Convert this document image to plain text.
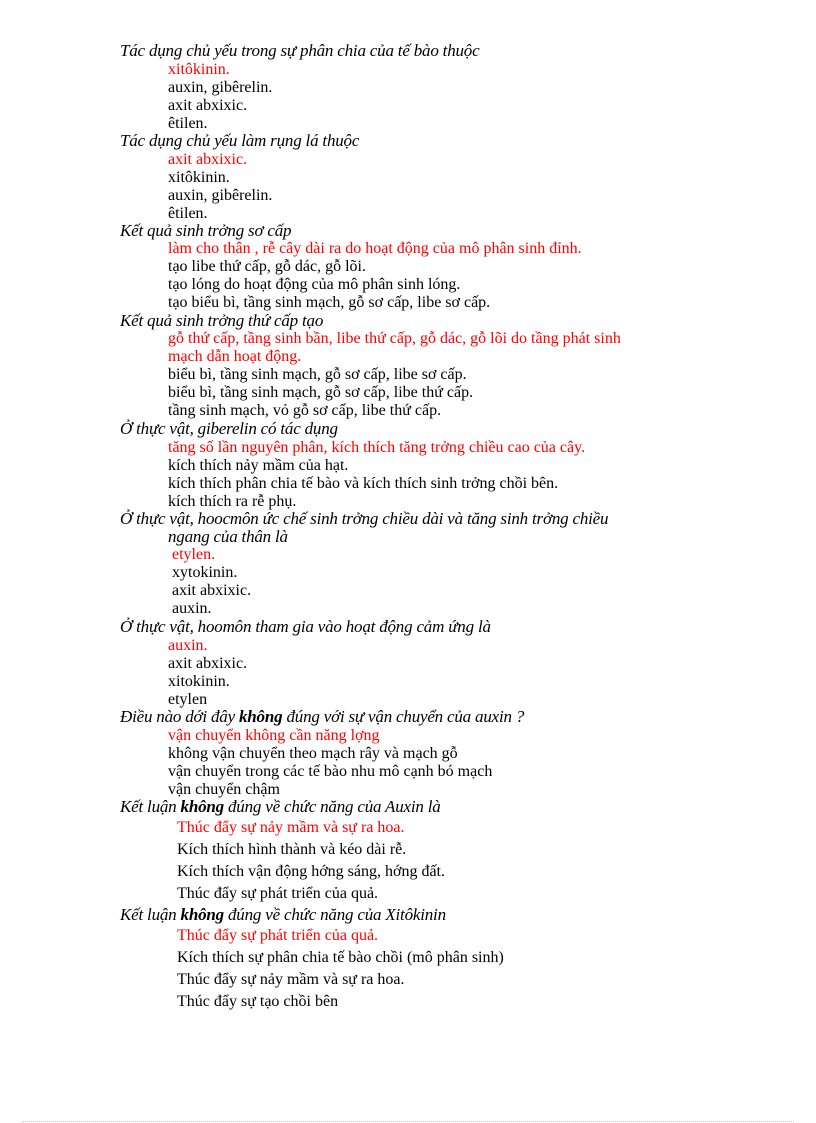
Tác dụng chủ yếu trong sự phân chia của tế bào thuộc
xitôkinin.
auxin, gibêrelin.
axit abxixic.
êtilen.
Tác dụng chủ yếu làm rụng lá thuộc
axit abxixic.
xitôkinin.
auxin, gibêrelin.
êtilen.
Kết quả sinh trởng sơ cấp
làm cho thân , rễ cây dài ra do hoạt động của mô phân sinh đỉnh.
tạo libe thứ cấp, gỗ dác, gỗ lõi.
tạo lóng do hoạt động của mô phân sinh lóng.
tạo biểu bì, tầng sinh mạch, gỗ sơ cấp, libe sơ cấp.
Kết quả sinh trởng thứ cấp tạo
gỗ thứ cấp, tầng sinh bần, libe thứ cấp, gỗ dác, gỗ lõi do tầng phát sinh
mạch dẫn hoạt động.
biểu bì, tầng sinh mạch, gỗ sơ cấp, libe sơ cấp.
biểu bì, tầng sinh mạch, gỗ sơ cấp, libe thứ cấp.
tầng sinh mạch, vỏ gỗ sơ cấp, libe thứ cấp.
Ở thực vật, giberelin có tác dụng
tăng số lần nguyên phân, kích thích tăng trởng chiều cao của cây.
kích thích nảy mầm của hạt.
kích thích phân chia tế bào và kích thích sinh trởng chồi bên.
kích thích ra rễ phụ.
Ở thực vật, hoocmôn ức chế sinh trởng chiều dài và tăng sinh trởng chiều
ngang của thân là
etylen.
xytokinin.
axit abxixic.
auxin.
Ở thực vật, hoomôn tham gia vào hoạt động cảm ứng là
auxin.
axit abxixic.
xitokinin.
etylen
Điều nào dới đây không đúng với sự vận chuyển của auxin ?
vận chuyển không cần năng lợng
không vận chuyển theo mạch rây và mạch gỗ
vận chuyển trong các tế bào nhu mô cạnh bó mạch
vận chuyển chậm
Kết luận không đúng về chức năng của Auxin là
Thúc đẩy sự nảy mầm và sự ra hoa.
Kích thích hình thành và kéo dài rễ.
Kích thích vận động hớng sáng, hớng đất.
Thúc đẩy sự phát triển của quả.
Kết luận không đúng về chức năng của Xitôkinin
Thúc đẩy sự phát triển của quả.
Kích thích sự phân chia tế bào chồi (mô phân sinh)
Thúc đẩy sự nảy mầm và sự ra hoa.
Thúc đẩy sự tạo chồi bên
